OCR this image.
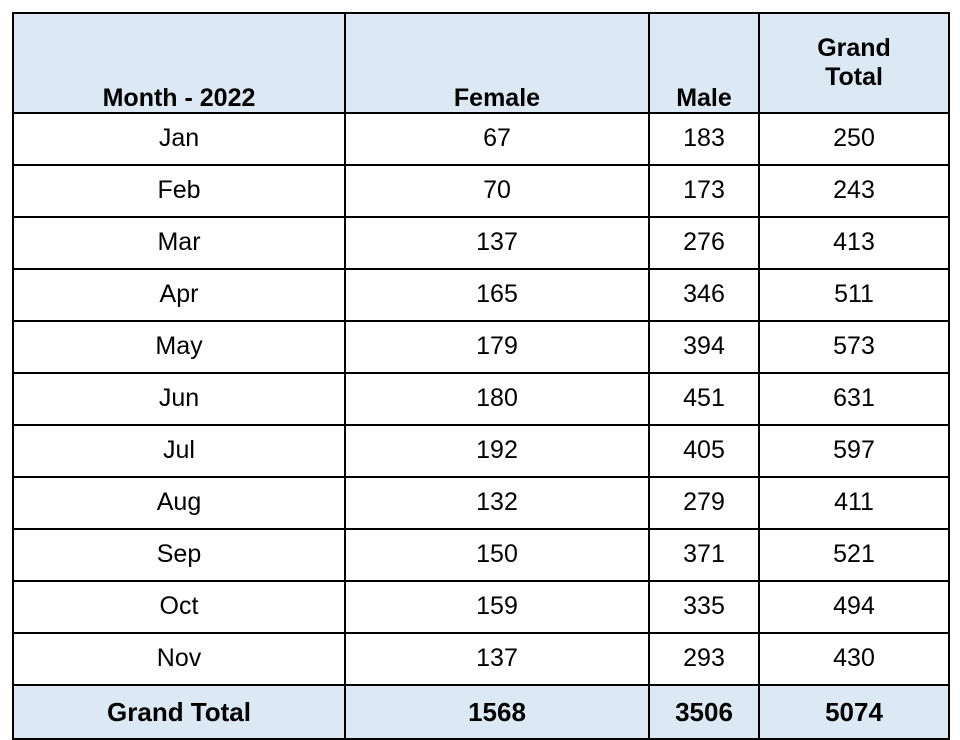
Month - 2022	Female	Male	Grand
Total

Jan	67	183	250
Feb	70	173	243
Mar	137	276	413
Apr	165	346	511
May	179	394	573
Jun	180	451	631
Jul	192	405	597
Aug	132	279	411
Sep	150	371	521
Oct	159	335	494
Nov	137	293	430
Grand Total	1568	3506	5074
